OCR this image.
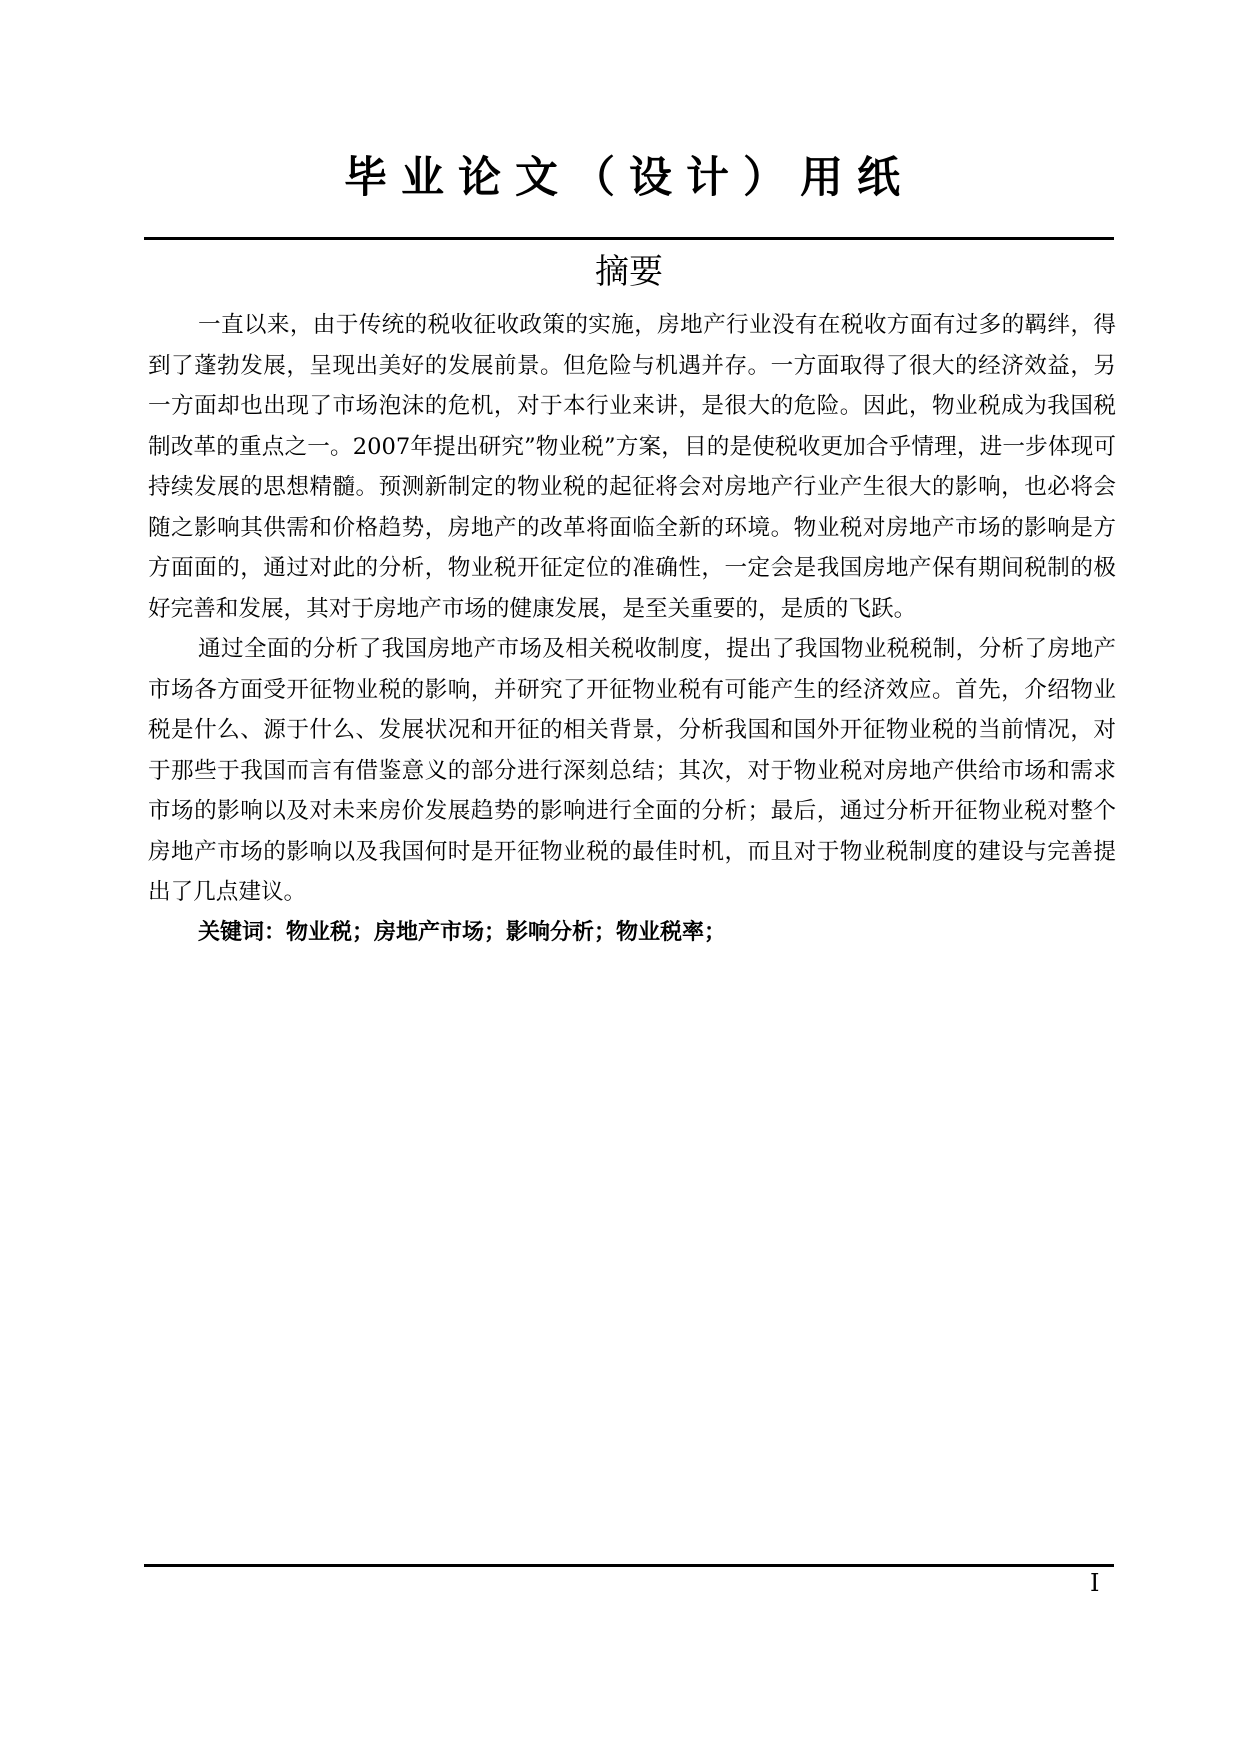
毕业论文（设计）用纸
摘要

一直以来，由于传统的税收征收政策的实施，房地产行业没有在税收方面有过多的羁绊，得到了蓬勃发展，呈现出美好的发展前景。但危险与机遇并存。一方面取得了很大的经济效益，另一方面却也出现了市场泡沫的危机，对于本行业来讲，是很大的危险。因此，物业税成为我国税制改革的重点之一。2007年提出研究”物业税”方案，目的是使税收更加合乎情理，进一步体现可持续发展的思想精髓。预测新制定的物业税的起征将会对房地产行业产生很大的影响，也必将会随之影响其供需和价格趋势，房地产的改革将面临全新的环境。物业税对房地产市场的影响是方方面面的，通过对此的分析，物业税开征定位的准确性，一定会是我国房地产保有期间税制的极好完善和发展，其对于房地产市场的健康发展，是至关重要的，是质的飞跃。

通过全面的分析了我国房地产市场及相关税收制度，提出了我国物业税税制，分析了房地产市场各方面受开征物业税的影响，并研究了开征物业税有可能产生的经济效应。首先，介绍物业税是什么、源于什么、发展状况和开征的相关背景，分析我国和国外开征物业税的当前情况，对于那些于我国而言有借鉴意义的部分进行深刻总结；其次，对于物业税对房地产供给市场和需求市场的影响以及对未来房价发展趋势的影响进行全面的分析；最后，通过分析开征物业税对整个房地产市场的影响以及我国何时是开征物业税的最佳时机，而且对于物业税制度的建设与完善提出了几点建议。

关键词：物业税；房地产市场；影响分析；物业税率；

I
